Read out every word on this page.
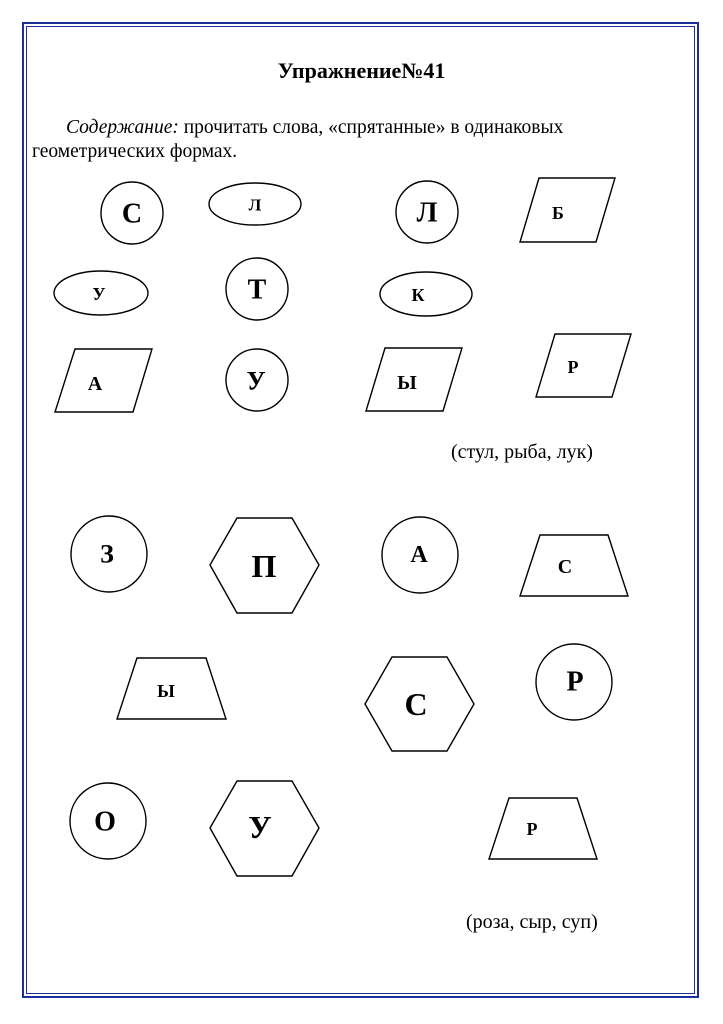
Упражнение№41
Содержание: прочитать слова, «спрятанные» в одинаковых
геометрических формах.
С	Л	Л	Б
У	Т	К
А	У	Ы
Р
З	П	А	С
Ы	С
Р
О	У	Р
(стул, рыба, лук)
(роза, сыр, суп)
